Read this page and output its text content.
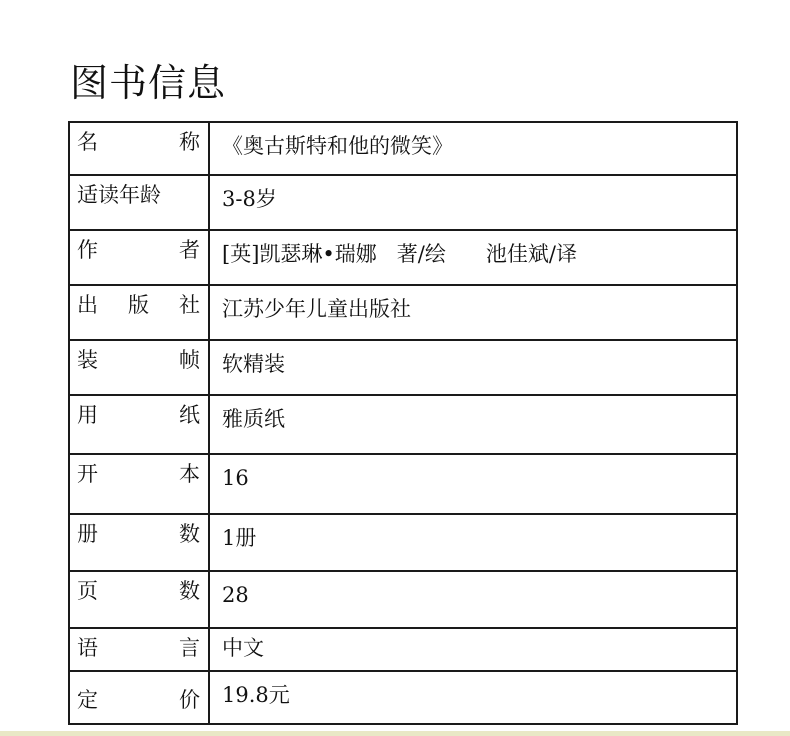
图书信息
名称	《奥古斯特和他的微笑》

适读年龄	3-8岁

作者	[英]凯瑟琳•瑞娜   著/绘      池佳斌/译

出版社	江苏少年儿童出版社

装帧	软精装

用纸	雅质纸

开本	16

册数	1册

页数	28

语言	中文

定价	19.8元
